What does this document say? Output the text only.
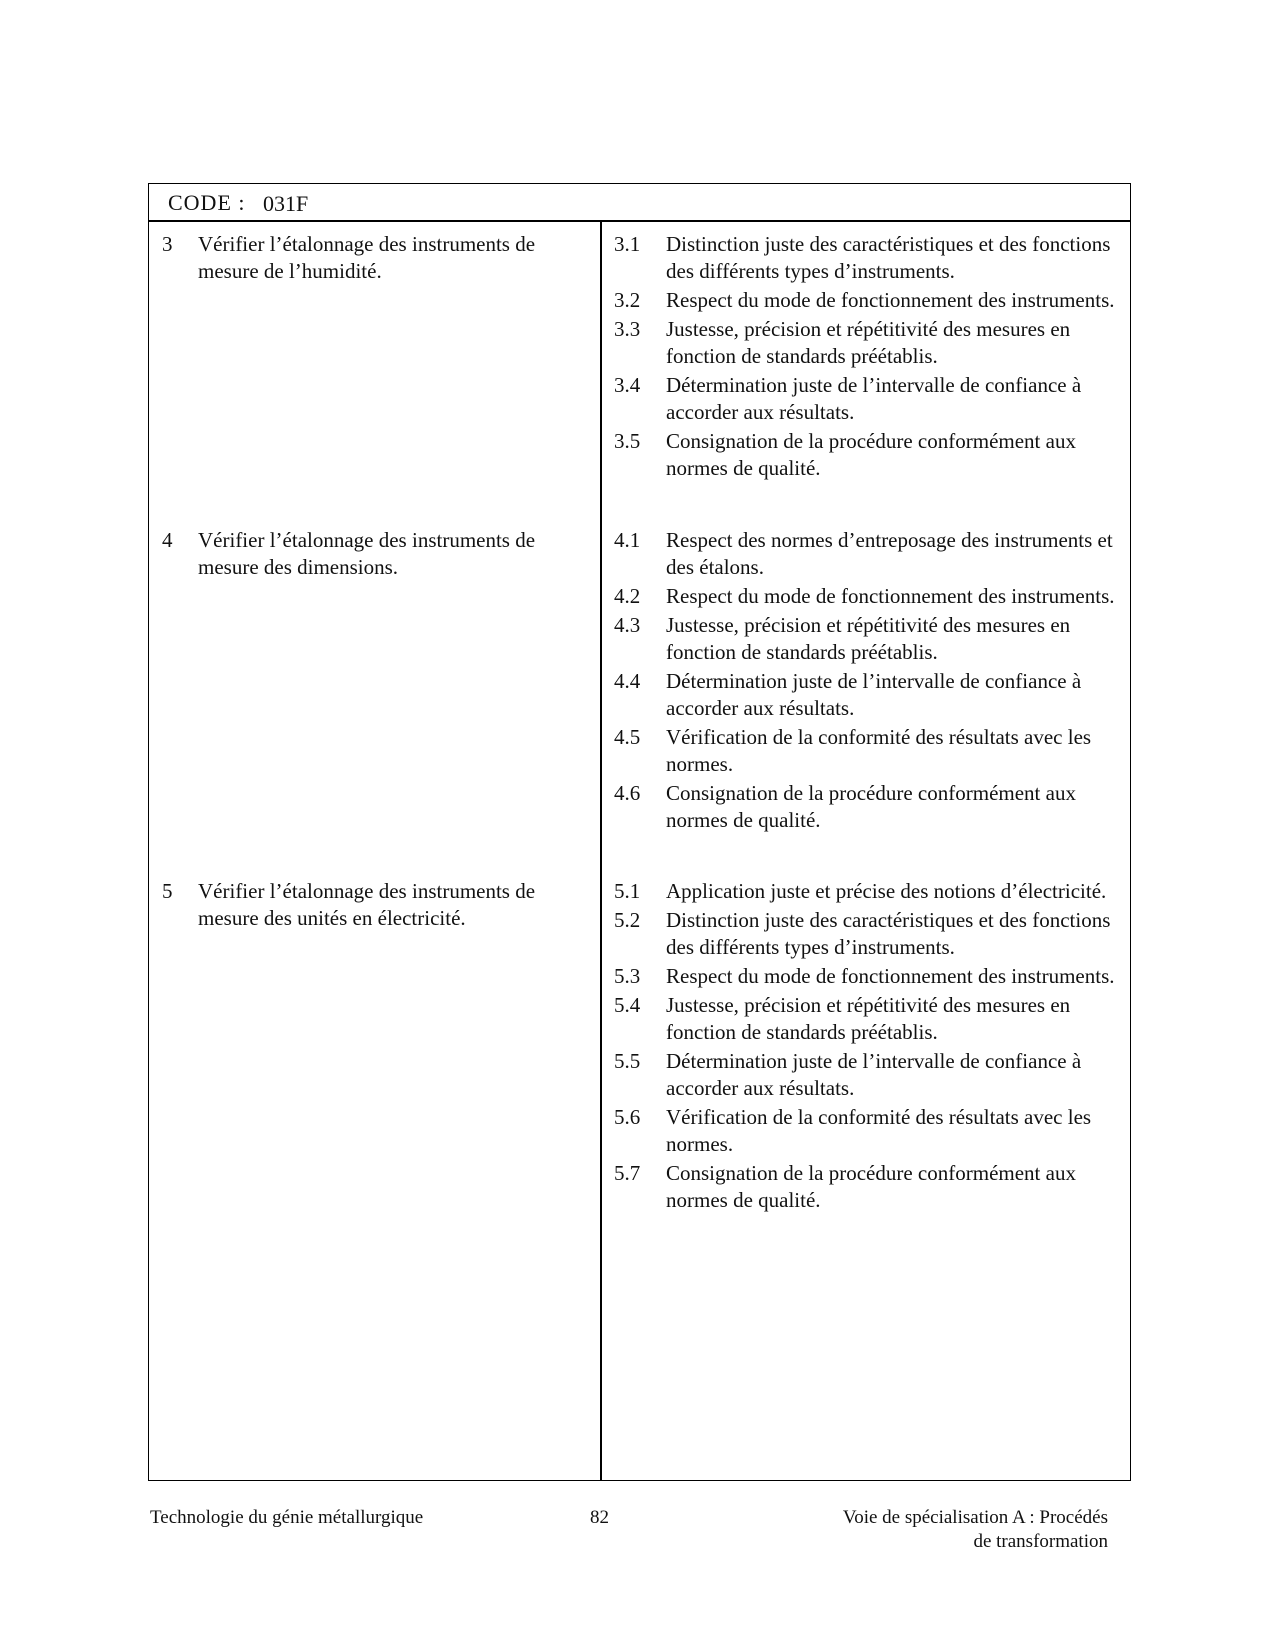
CODE : 031F
3 Vérifier l’étalonnage des instruments de mesure de l’humidité.
3.1 Distinction juste des caractéristiques et des fonctions des différents types d’instruments.
3.2 Respect du mode de fonctionnement des instruments.
3.3 Justesse, précision et répétitivité des mesures en fonction de standards préétablis.
3.4 Détermination juste de l’intervalle de confiance à accorder aux résultats.
3.5 Consignation de la procédure conformément aux normes de qualité.
4 Vérifier l’étalonnage des instruments de mesure des dimensions.
4.1 Respect des normes d’entreposage des instruments et des étalons.
4.2 Respect du mode de fonctionnement des instruments.
4.3 Justesse, précision et répétitivité des mesures en fonction de standards préétablis.
4.4 Détermination juste de l’intervalle de confiance à accorder aux résultats.
4.5 Vérification de la conformité des résultats avec les normes.
4.6 Consignation de la procédure conformément aux normes de qualité.
5 Vérifier l’étalonnage des instruments de mesure des unités en électricité.
5.1 Application juste et précise des notions d’électricité.
5.2 Distinction juste des caractéristiques et des fonctions des différents types d’instruments.
5.3 Respect du mode de fonctionnement des instruments.
5.4 Justesse, précision et répétitivité des mesures en fonction de standards préétablis.
5.5 Détermination juste de l’intervalle de confiance à accorder aux résultats.
5.6 Vérification de la conformité des résultats avec les normes.
5.7 Consignation de la procédure conformément aux normes de qualité.
Technologie du génie métallurgique	82	Voie de spécialisation A : Procédés
de transformation
